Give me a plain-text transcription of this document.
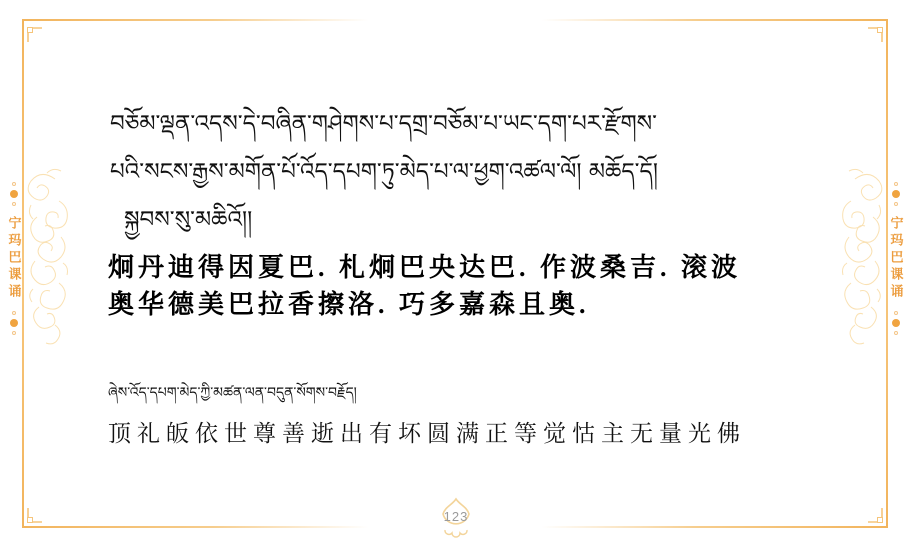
宁玛巴课诵	宁玛巴课诵
བཅོམ་ལྡན་འདས་དེ་བཞིན་གཤེགས་པ་དགྲ་བཅོམ་པ་ཡང་དག་པར་རྫོགས་
པའི་སངས་རྒྱས་མགོན་པོ་འོད་དཔག་ཏུ་མེད་པ་ལ་ཕྱག་འཚལ་ལོ། མཆོད་དོ།
སྐྱབས་སུ་མཆིའོ།།
炯丹迪得因夏巴. 札炯巴央达巴. 作波桑吉. 滚波
奥华德美巴拉香擦洛. 巧多嘉森且奥.
ཞེས་འོད་དཔག་མེད་ཀྱི་མཚན་ལན་བདུན་སོགས་བརྗོད།
顶礼皈依世尊善逝出有坏圆满正等觉怙主无量光佛
123
